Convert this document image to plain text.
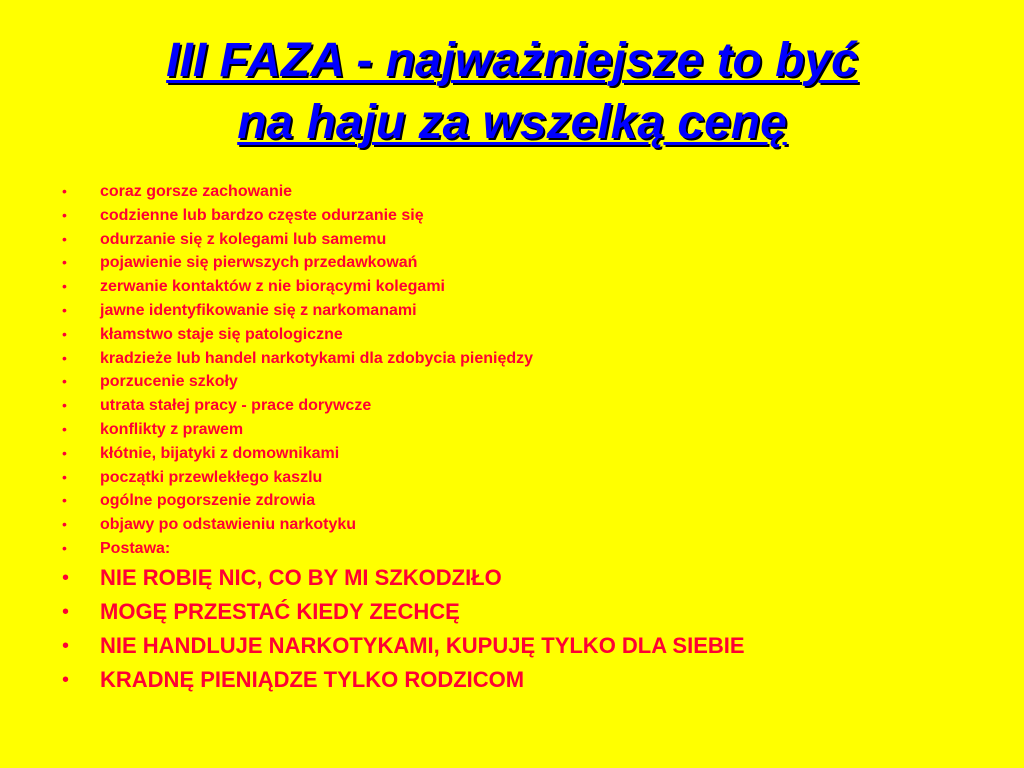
III FAZA - najważniejsze to być
na haju za wszelką cenę
• coraz gorsze zachowanie
• codzienne lub bardzo częste odurzanie się
• odurzanie się z kolegami lub samemu
• pojawienie się pierwszych przedawkowań
• zerwanie kontaktów z nie biorącymi kolegami
• jawne identyfikowanie się z narkomanami
• kłamstwo staje się patologiczne
• kradzieże lub handel narkotykami dla zdobycia pieniędzy
• porzucenie szkoły
• utrata stałej pracy - prace dorywcze
• konflikty z prawem
• kłótnie, bijatyki z domownikami
• początki przewlekłego kaszlu
• ogólne pogorszenie zdrowia
• objawy po odstawieniu narkotyku
• Postawa:
• NIE ROBIĘ NIC, CO BY MI SZKODZIŁO
• MOGĘ PRZESTAĆ KIEDY ZECHCĘ
• NIE HANDLUJE NARKOTYKAMI, KUPUJĘ TYLKO DLA SIEBIE
• KRADNĘ PIENIĄDZE TYLKO RODZICOM
